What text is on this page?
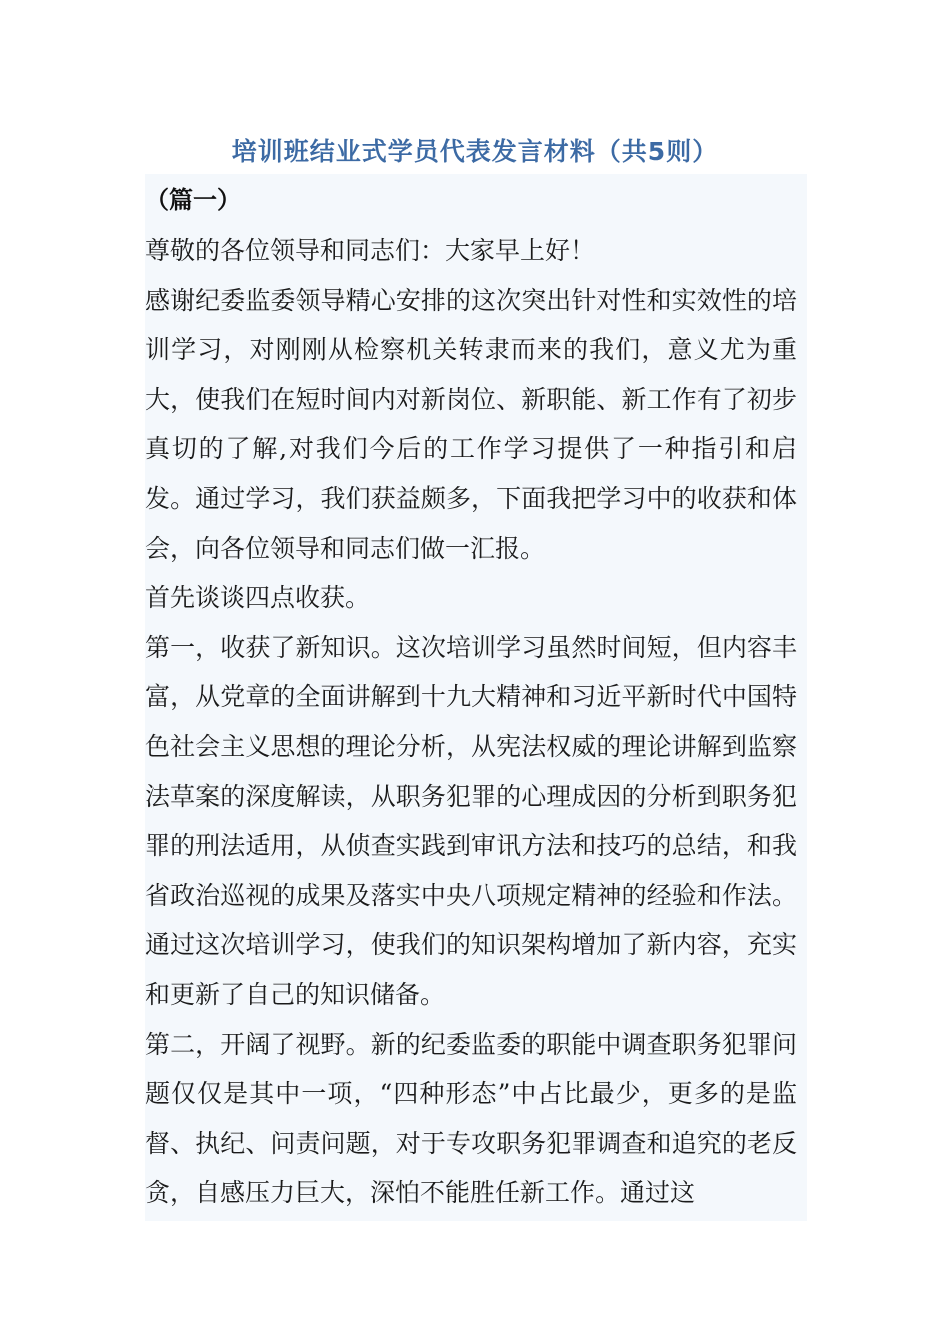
培训班结业式学员代表发言材料（共5则）
（篇一）

尊敬的各位领导和同志们：大家早上好！

感谢纪委监委领导精心安排的这次突出针对性和实效性的培训学习，对刚刚从检察机关转隶而来的我们，意义尤为重大，使我们在短时间内对新岗位、新职能、新工作有了初步真切的了解,对我们今后的工作学习提供了一种指引和启发。通过学习，我们获益颇多，下面我把学习中的收获和体会，向各位领导和同志们做一汇报。

首先谈谈四点收获。

第一，收获了新知识。这次培训学习虽然时间短，但内容丰富，从党章的全面讲解到十九大精神和习近平新时代中国特色社会主义思想的理论分析，从宪法权威的理论讲解到监察法草案的深度解读，从职务犯罪的心理成因的分析到职务犯罪的刑法适用，从侦查实践到审讯方法和技巧的总结，和我省政治巡视的成果及落实中央八项规定精神的经验和作法。通过这次培训学习，使我们的知识架构增加了新内容，充实和更新了自己的知识储备。

第二，开阔了视野。新的纪委监委的职能中调查职务犯罪问题仅仅是其中一项，“四种形态”中占比最少，更多的是监督、执纪、问责问题，对于专攻职务犯罪调查和追究的老反贪，自感压力巨大，深怕不能胜任新工作。通过这
